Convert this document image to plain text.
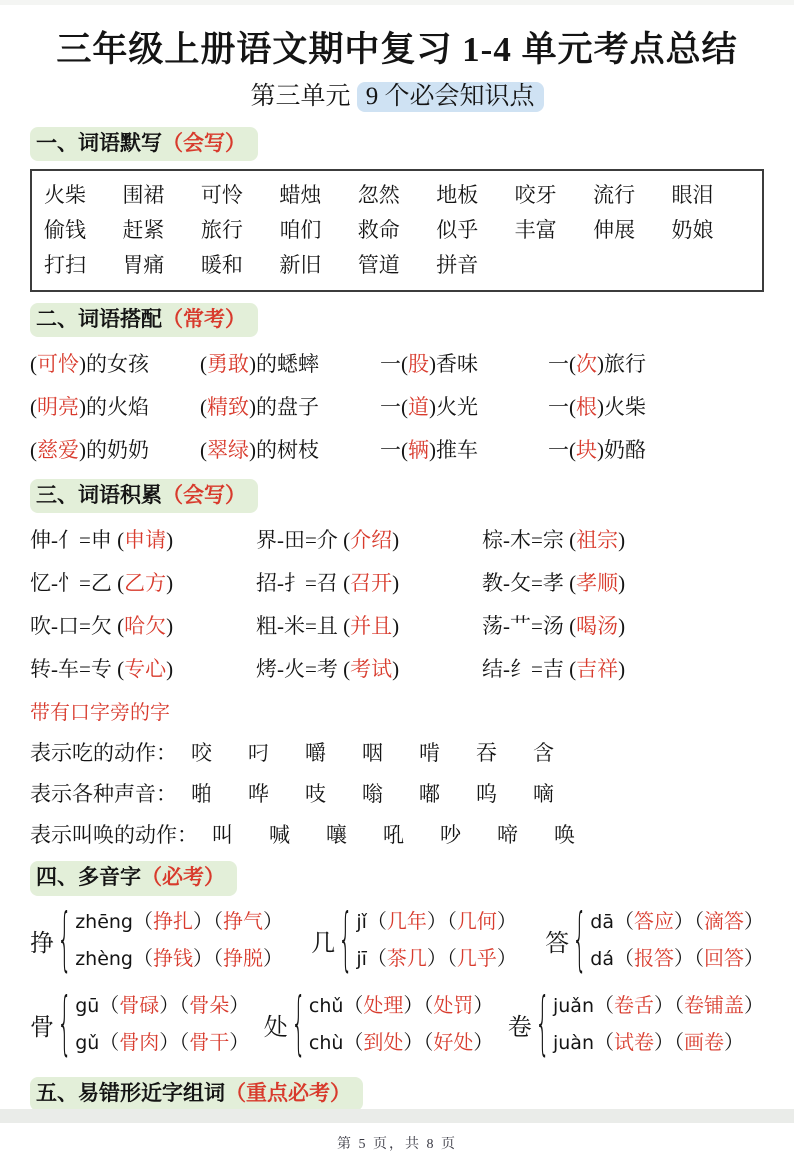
三年级上册语文期中复习 1-4 单元考点总结
第三单元 9 个必会知识点
一、词语默写（会写）
火柴	围裙	可怜	蜡烛	忽然	地板	咬牙	流行	眼泪
偷钱	赶紧	旅行	咱们	救命	似乎	丰富	伸展	奶娘
打扫	胃痛	暖和	新旧	管道	拼音
二、词语搭配（常考）
(可怜)的女孩	(勇敢)的蟋蟀	一(股)香味	一(次)旅行
(明亮)的火焰	(精致)的盘子	一(道)火光	一(根)火柴
(慈爱)的奶奶	(翠绿)的树枝	一(辆)推车	一(块)奶酪
三、词语积累（会写）
伸-亻=申 (申请)	界-田=介 (介绍)	棕-木=宗 (祖宗)
忆-忄=乙 (乙方)	招-扌=召 (召开)	教-攵=孝 (孝顺)
吹-口=欠 (哈欠)	粗-米=且 (并且)	荡-艹=汤 (喝汤)
转-车=专 (专心)	烤-火=考 (考试)	结-纟=吉 (吉祥)
带有口字旁的字
表示吃的动作： 咬 叼 嚼 咽 啃 吞 含
表示各种声音： 啪 哗 吱 嗡 嘟 呜 嘀
表示叫唤的动作： 叫 喊 嚷 吼 吵 啼 唤
四、多音字（必考）
挣 { zhēng（挣扎）（挣气）
zhèng（挣钱）（挣脱）
几 { jǐ（几年）（几何）
jī（茶几）（几乎）
答 { dā（答应）（滴答）
dá（报答）（回答）
骨 { gū（骨碌）（骨朵）
gǔ（骨肉）（骨干）
处 { chǔ（处理）（处罚）
chù（到处）（好处）
卷 { juǎn（卷舌）（卷铺盖）
juàn（试卷）（画卷）
五、易错形近字组词（重点必考）
第 5 页，共 8 页
